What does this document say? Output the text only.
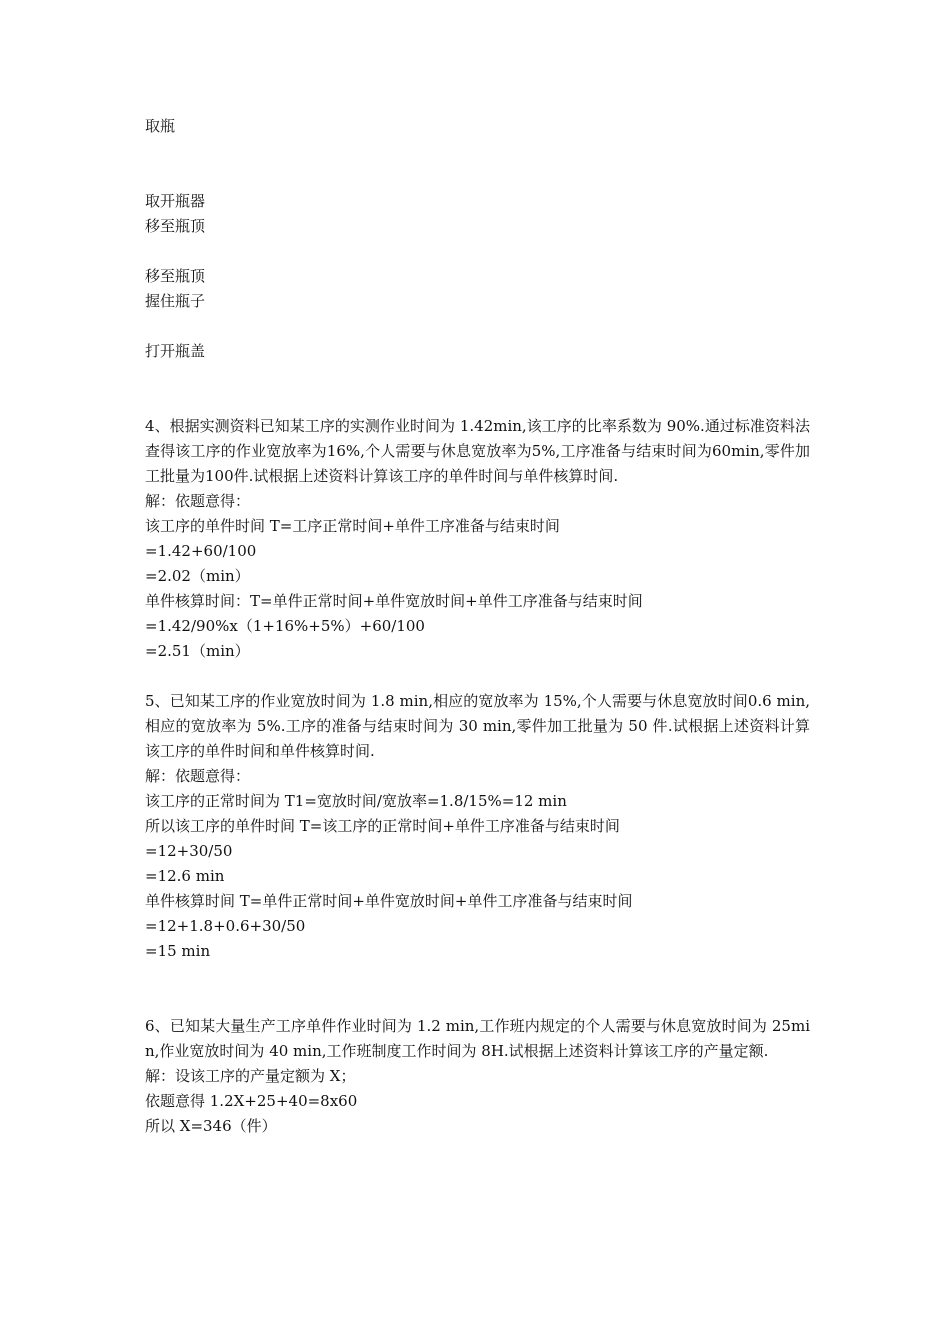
取瓶
取开瓶器
移至瓶顶
移至瓶顶
握住瓶子
打开瓶盖
4、根据实测资料已知某工序的实测作业时间为 1.42min,该工序的比率系数为 90%.通过标准资料法查得该工序的作业宽放率为16%,个人需要与休息宽放率为5%,工序准备与结束时间为60min,零件加工批量为100件.试根据上述资料计算该工序的单件时间与单件核算时间.
解：依题意得：
该工序的单件时间 T=工序正常时间+单件工序准备与结束时间
=1.42+60/100
=2.02（min）
单件核算时间：T=单件正常时间+单件宽放时间+单件工序准备与结束时间
=1.42/90%x（1+16%+5%）+60/100
=2.51（min）
5、已知某工序的作业宽放时间为 1.8 min,相应的宽放率为 15%,个人需要与休息宽放时间0.6 min,相应的宽放率为 5%.工序的准备与结束时间为 30 min,零件加工批量为 50 件.试根据上述资料计算该工序的单件时间和单件核算时间.
解：依题意得：
该工序的正常时间为 T1=宽放时间/宽放率=1.8/15%=12 min
所以该工序的单件时间 T=该工序的正常时间+单件工序准备与结束时间
=12+30/50
=12.6 min
单件核算时间 T=单件正常时间+单件宽放时间+单件工序准备与结束时间
=12+1.8+0.6+30/50
=15 min
6、已知某大量生产工序单件作业时间为 1.2 min,工作班内规定的个人需要与休息宽放时间为 25min,作业宽放时间为 40 min,工作班制度工作时间为 8H.试根据上述资料计算该工序的产量定额.
解：设该工序的产量定额为 X；
依题意得 1.2X+25+40=8x60
所以 X=346（件）
